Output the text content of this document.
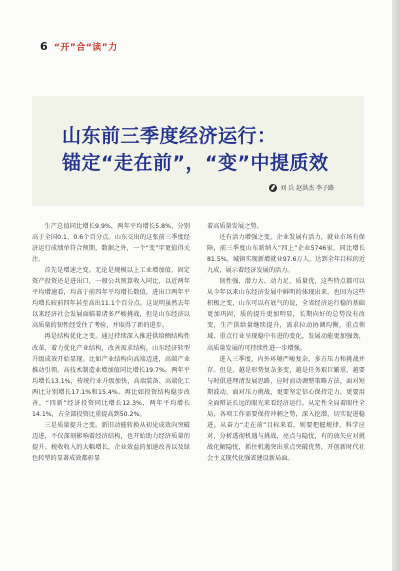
6 “开”合“读”力
山东前三季度经济运行：
锚定“走在前”，“变”中提质效
刘 兵 赵洪杰 李子路

生产总值同比增长9.9%，两年平均增长5.8%，分别高于全国0.1、0.6个百分点。山东交出的这张前三季度经济运行成绩单符合预期，数据之外，一个“变”字更值得关注。

首先是增速之变。无论是规模以上工业增加值、固定资产投资还是进出口，一般公共预算收入同比，以近两年平均增速看，均高于前四年平均增长数值，进出口两年平均增长较前四年甚至高出11.1个百分点。这说明虽然去年以来经济社会发展面临着诸多严峻挑战，但是山东经济以高质量的韧性经受住了考验，并取得了新的进步。

再是结构优化之变。通过持续深入推进供给侧结构性改革，着力优化产业结构，改善需求结构，山东经济转型升级成效开始显现。比如产业结构向高端迈进，高端产业推动引领，高技术制造业增加值同比增长19.7%，两年平均增长13.1%，传统行业升级加快，高端装备、高端化工两比分别增长17.1%和15.4%。再比如投资结构稳步改善，“四新”经济投资同比增长12.3%，两年平均增长14.1%，占全部投资比重提高到50.2%。

三是质量提升之变。新旧动能转换从初见成效向突破迈进，不仅深刻影响着经济结构，也开始助力经济质量的提升。税收收入的大幅增长，企业效益的加速改善以及绿色转型的显著成效都彰显

着高质量发展之势。

还有活力增强之变。企业发展有活力，就业市场有保障，前三季度山东新纳入“四上”企业5746家，同比增长81.5%，城镇实现新增就业97.6万人，达到全年目标的近九成，展示着经济发展的活力。

韧性强、潜力大、动力足、质量优，这些特点都可以从今年以来山东经济发展中鲜明的体现出来。也因为这些积极之变，山东可以有底气的说，全省经济运行稳的基础更加巩固，质的提升更加明显，长期向好的总势没有改变，生产供给量继续提升，需求拉动协调均衡，重点领域、重点行业呈现稳中有进的变化，发展动能更加强劲，高质量发展的可持续性进一步增强。

进入三季度，内外环境严峻复杂，多方压力和挑战并存。但是，越是形势复杂多变，越是任务艰巨繁重，越要与时俱进理清发展思路，应时而动调整策略方法，面对短期波动，面对压力挑战，更要坚定信心保持定力，更要用全面辩证长远的眼光来看经济运行。从定性全局着眼往全局，各项工作需要保持冲刺之势，深入挖潜，切实促进稳进。从奋力“走在前”目标来看，则要把握规律、科学应对，分析透彻机遇与挑战，亮点与隐忧，有的放矢应对挑战化解隐忧，抓住机遇突出重点突破优势，开创新时代社会主义现代化强省建设新局面。
